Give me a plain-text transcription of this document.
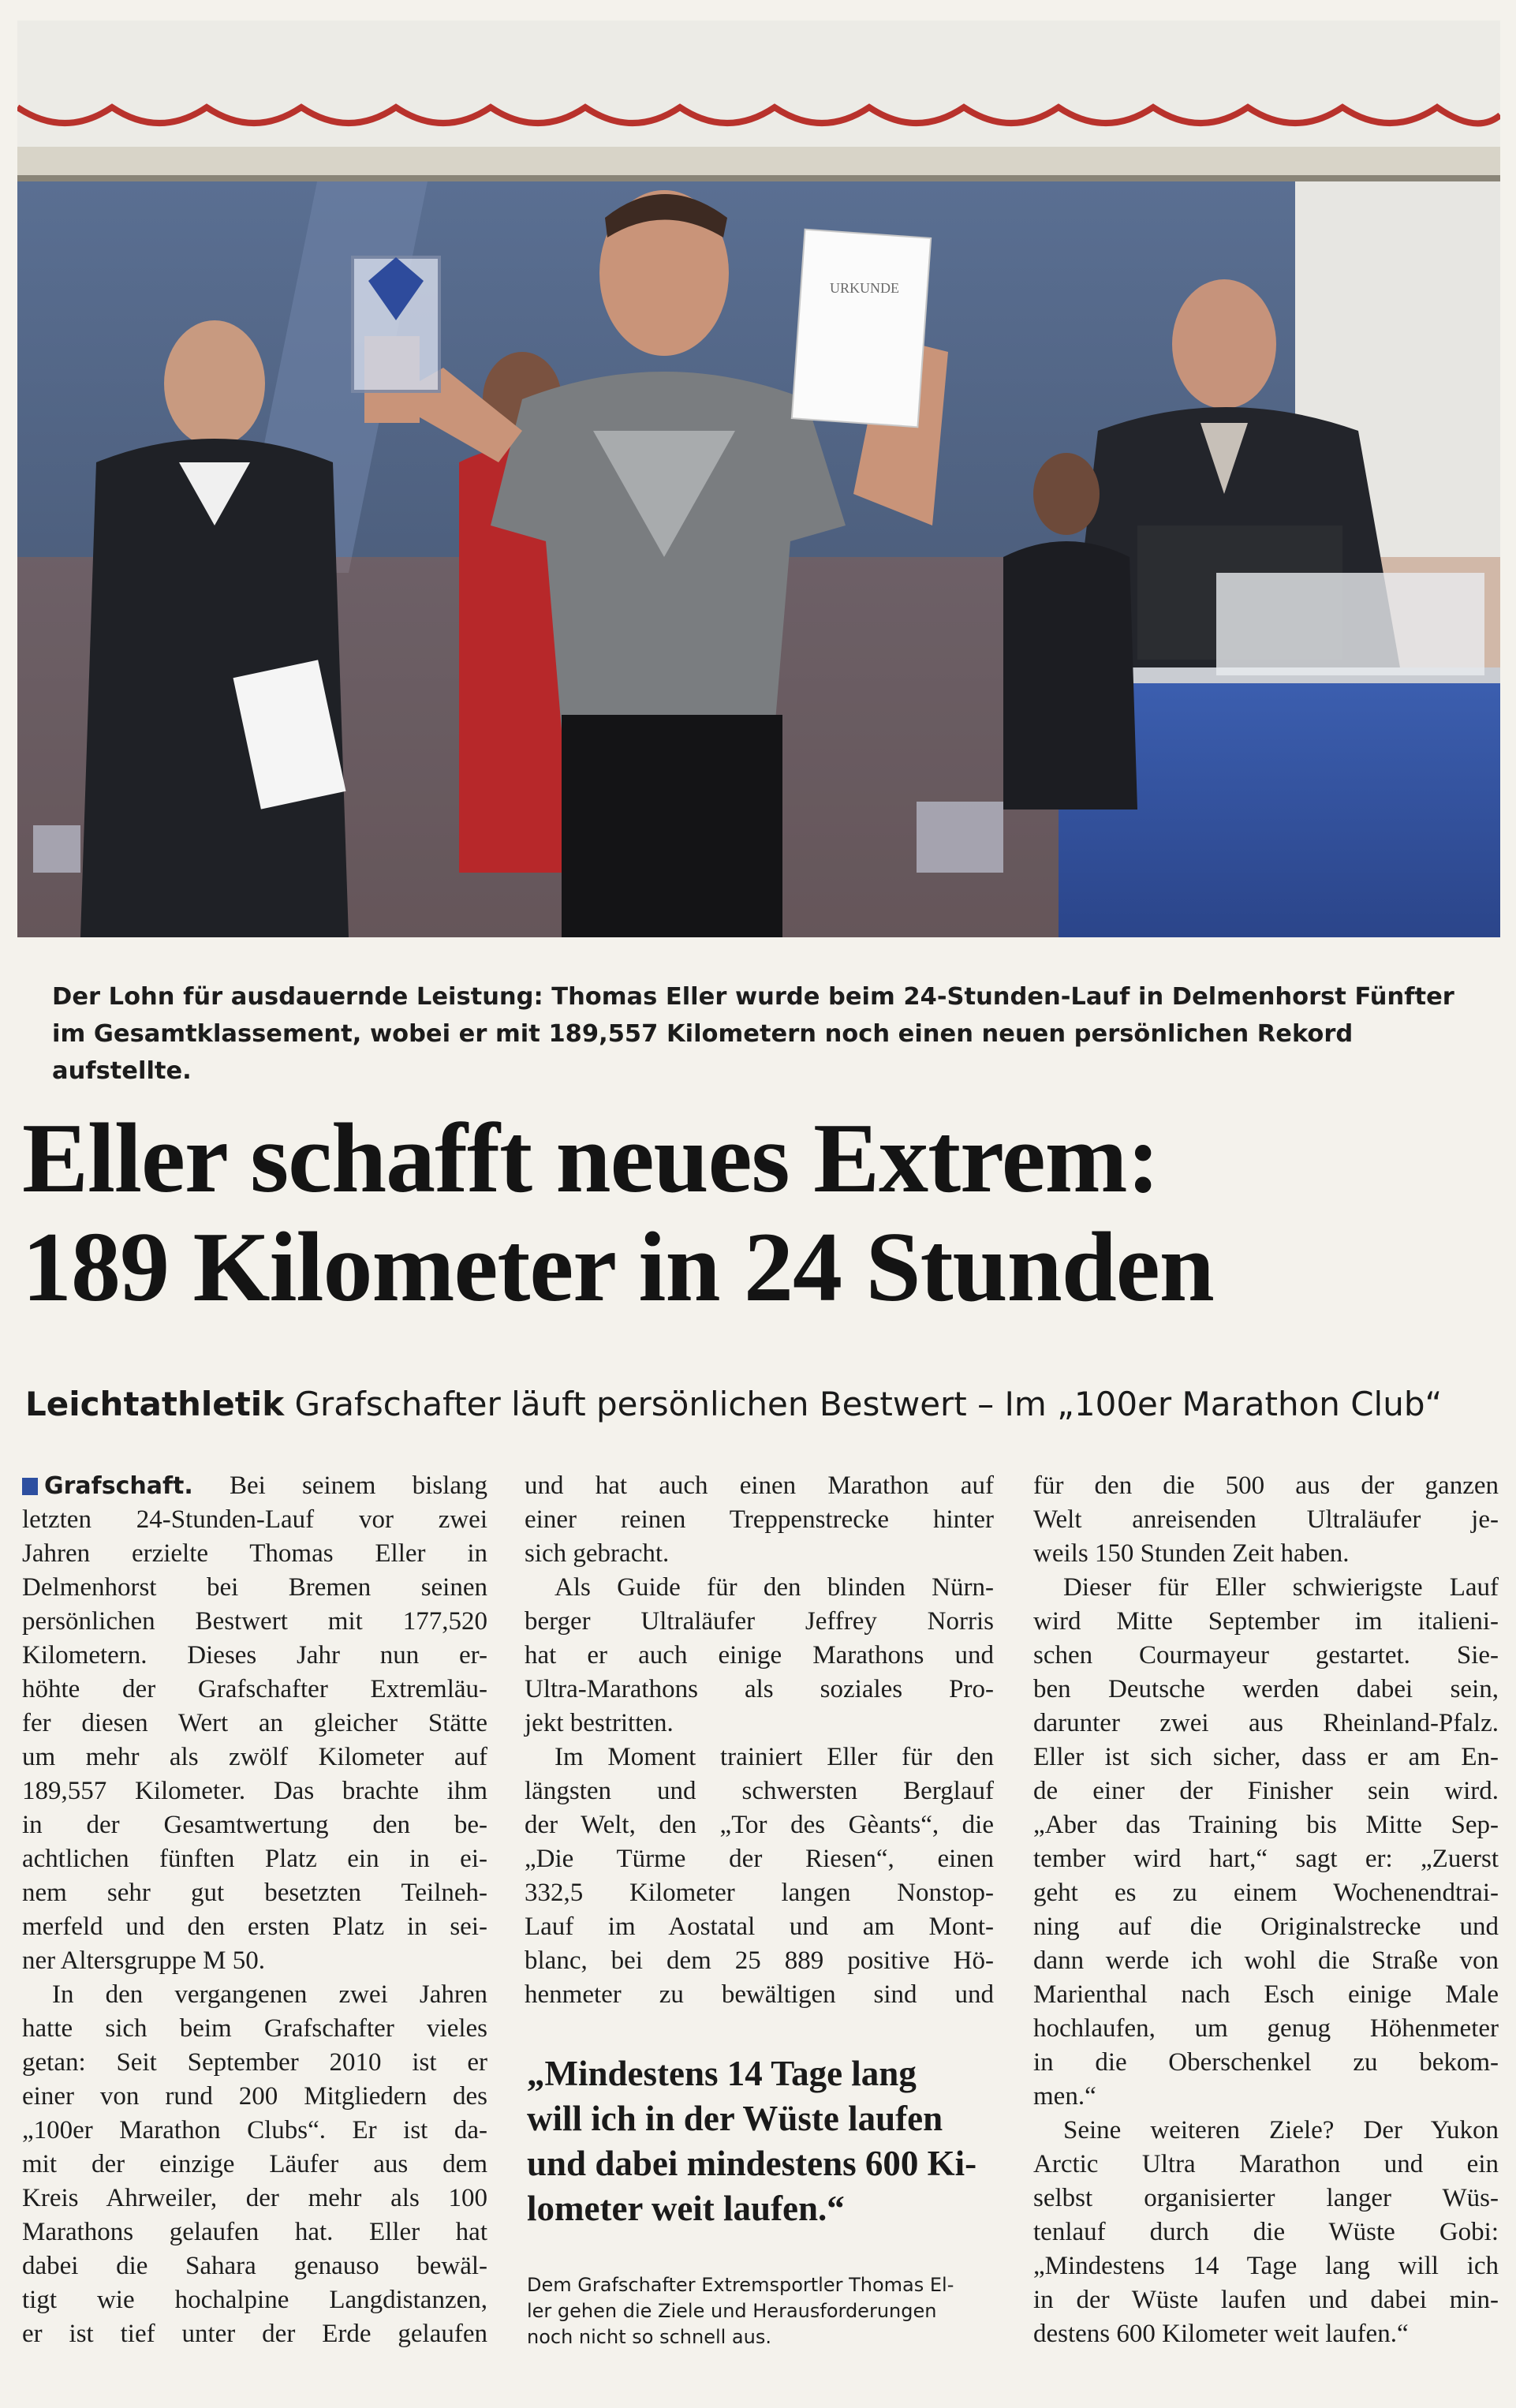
URKUNDE
Der Lohn für ausdauernde Leistung: Thomas Eller wurde beim 24-Stunden-Lauf in Delmenhorst Fünfter im Gesamtklassement, wobei er mit 189,557 Kilometern noch einen neuen persönlichen Rekord aufstellte.
Eller schafft neues Extrem:
189 Kilometer in 24 Stunden
Leichtathletik Grafschafter läuft persönlichen Bestwert – Im „100er Marathon Club“
Grafschaft. Bei seinem bislang
letzten 24-Stunden-Lauf vor zwei
Jahren erzielte Thomas Eller in
Delmenhorst bei Bremen seinen
persönlichen Bestwert mit 177,520
Kilometern. Dieses Jahr nun er-
höhte der Grafschafter Extremläu-
fer diesen Wert an gleicher Stätte
um mehr als zwölf Kilometer auf
189,557 Kilometer. Das brachte ihm
in der Gesamtwertung den be-
achtlichen fünften Platz ein in ei-
nem sehr gut besetzten Teilneh-
merfeld und den ersten Platz in sei-
ner Altersgruppe M 50.
In den vergangenen zwei Jahren
hatte sich beim Grafschafter vieles
getan: Seit September 2010 ist er
einer von rund 200 Mitgliedern des
„100er Marathon Clubs“. Er ist da-
mit der einzige Läufer aus dem
Kreis Ahrweiler, der mehr als 100
Marathons gelaufen hat. Eller hat
dabei die Sahara genauso bewäl-
tigt wie hochalpine Langdistanzen,
er ist tief unter der Erde gelaufen
und hat auch einen Marathon auf
einer reinen Treppenstrecke hinter
sich gebracht.
Als Guide für den blinden Nürn-
berger Ultraläufer Jeffrey Norris
hat er auch einige Marathons und
Ultra-Marathons als soziales Pro-
jekt bestritten.
Im Moment trainiert Eller für den
längsten und schwersten Berglauf
der Welt, den „Tor des Gèants“, die
„Die Türme der Riesen“, einen
332,5 Kilometer langen Nonstop-
Lauf im Aostatal und am Mont-
blanc, bei dem 25 889 positive Hö-
henmeter zu bewältigen sind und
„Mindestens 14 Tage lang
will ich in der Wüste laufen
und dabei mindestens 600 Ki-
lometer weit laufen.“
Dem Grafschafter Extremsportler Thomas El-
ler gehen die Ziele und Herausforderungen
noch nicht so schnell aus.
für den die 500 aus der ganzen
Welt anreisenden Ultraläufer je-
weils 150 Stunden Zeit haben.
Dieser für Eller schwierigste Lauf
wird Mitte September im italieni-
schen Courmayeur gestartet. Sie-
ben Deutsche werden dabei sein,
darunter zwei aus Rheinland-Pfalz.
Eller ist sich sicher, dass er am En-
de einer der Finisher sein wird.
„Aber das Training bis Mitte Sep-
tember wird hart,“ sagt er: „Zuerst
geht es zu einem Wochenendtrai-
ning auf die Originalstrecke und
dann werde ich wohl die Straße von
Marienthal nach Esch einige Male
hochlaufen, um genug Höhenmeter
in die Oberschenkel zu bekom-
men.“
Seine weiteren Ziele? Der Yukon
Arctic Ultra Marathon und ein
selbst organisierter langer Wüs-
tenlauf durch die Wüste Gobi:
„Mindestens 14 Tage lang will ich
in der Wüste laufen und dabei min-
destens 600 Kilometer weit laufen.“
